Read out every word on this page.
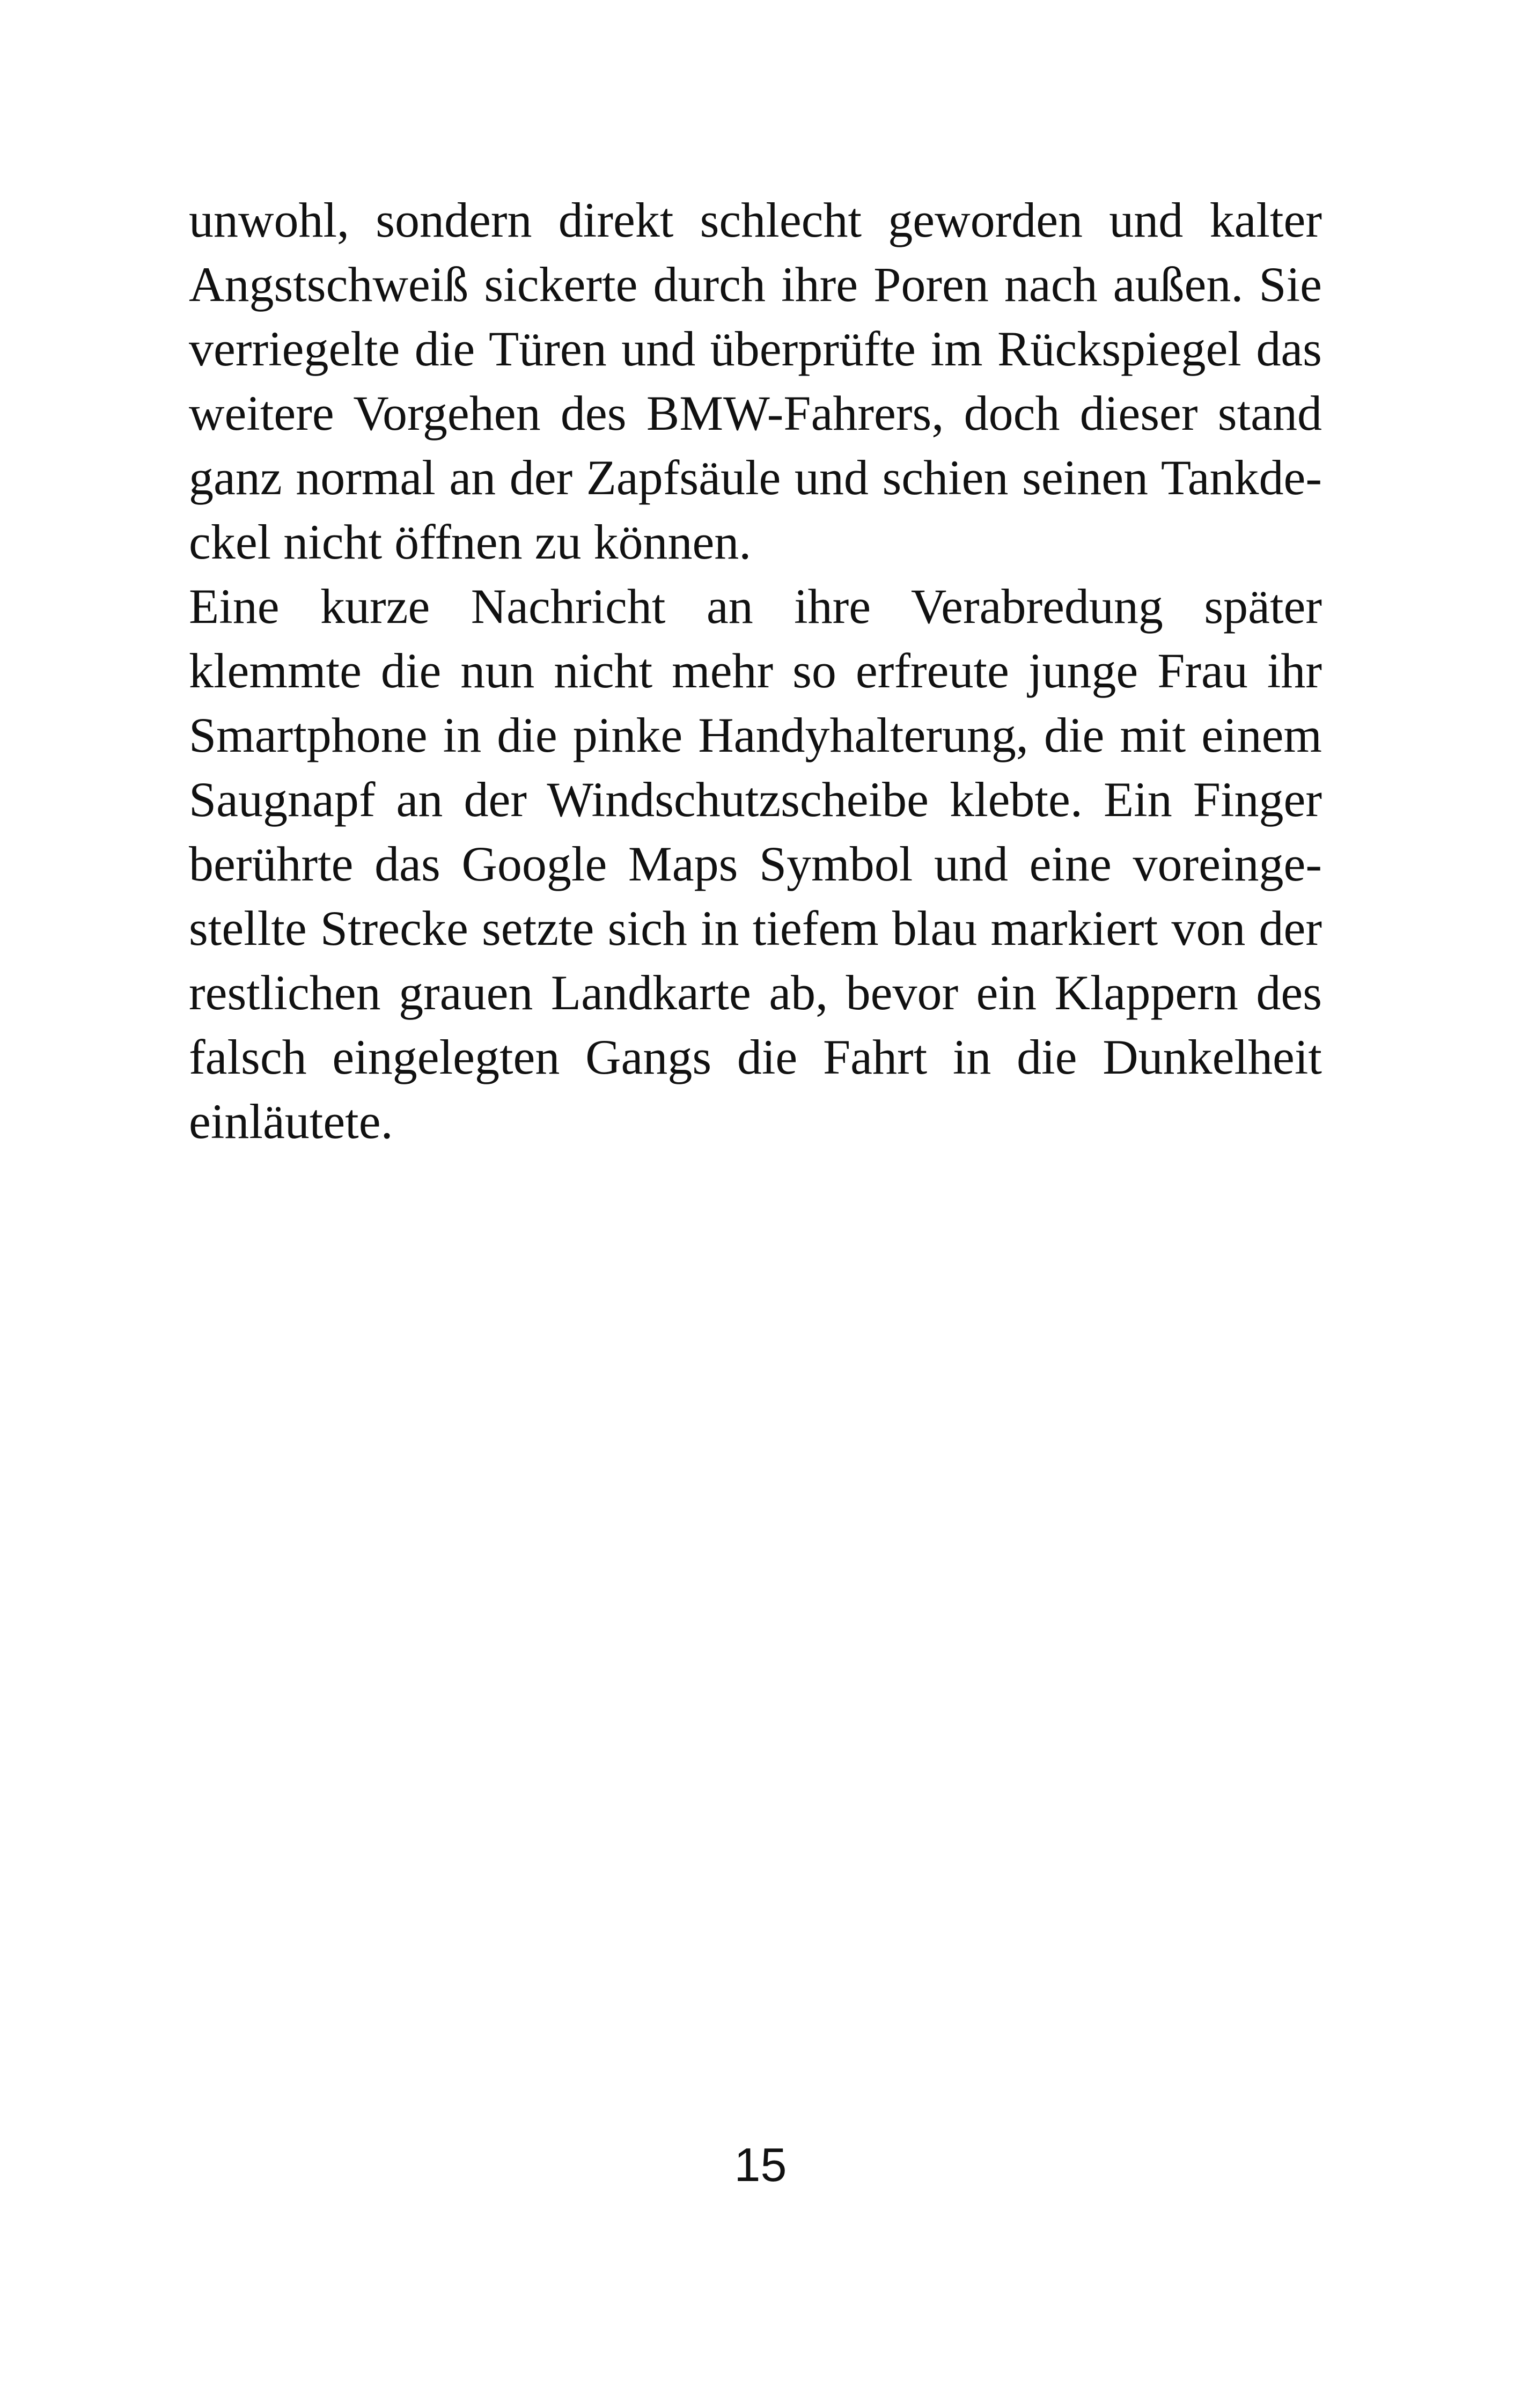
unwohl, sondern direkt schlecht geworden und kalter
Angstschweiß sickerte durch ihre Poren nach außen. Sie
verriegelte die Türen und überprüfte im Rückspiegel das
weitere Vorgehen des BMW-Fahrers, doch dieser stand
ganz normal an der Zapfsäule und schien seinen Tankde-
ckel nicht öffnen zu können.
Eine kurze Nachricht an ihre Verabredung später
klemmte die nun nicht mehr so erfreute junge Frau ihr
Smartphone in die pinke Handyhalterung, die mit einem
Saugnapf an der Windschutzscheibe klebte. Ein Finger
berührte das Google Maps Symbol und eine voreinge-
stellte Strecke setzte sich in tiefem blau markiert von der
restlichen grauen Landkarte ab, bevor ein Klappern des
falsch eingelegten Gangs die Fahrt in die Dunkelheit
einläutete.
15
